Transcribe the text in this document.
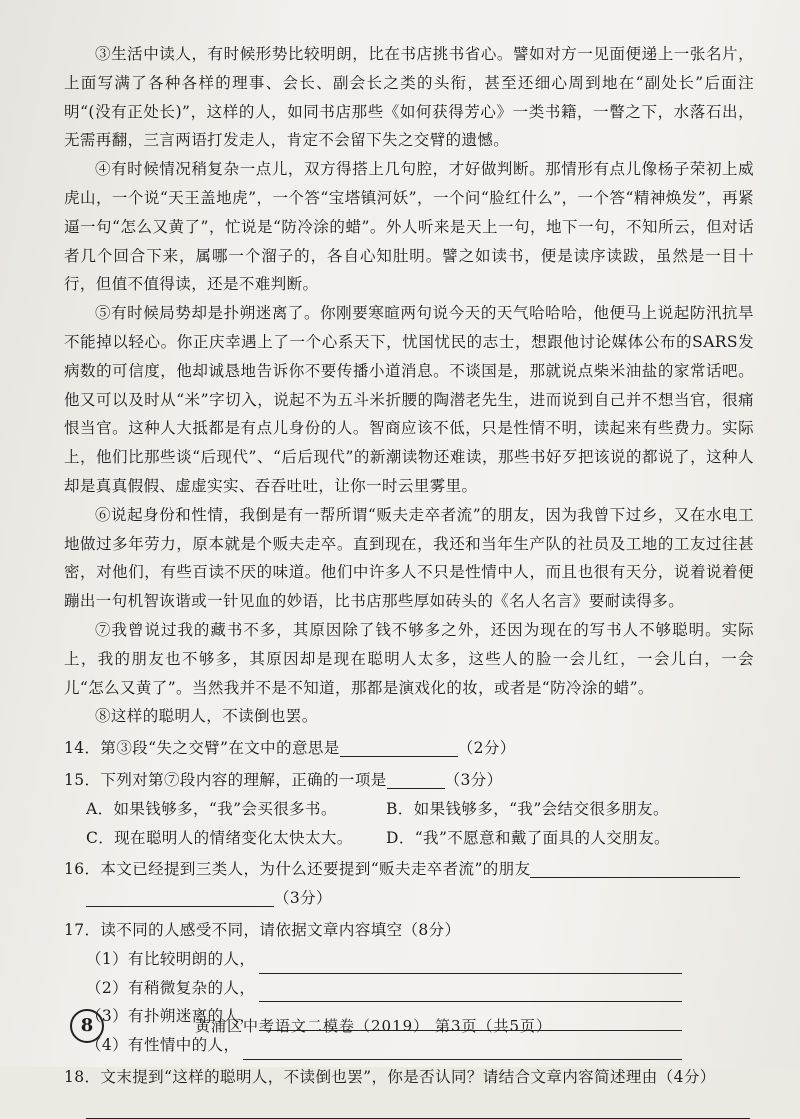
③生活中读人，有时候形势比较明朗，比在书店挑书省心。譬如对方一见面便递上一张名片，上面写满了各种各样的理事、会长、副会长之类的头衔，甚至还细心周到地在“副处长”后面注明“(没有正处长)”，这样的人，如同书店那些《如何获得芳心》一类书籍，一瞥之下，水落石出，无需再翻，三言两语打发走人，肯定不会留下失之交臂的遗憾。

④有时候情况稍复杂一点儿，双方得搭上几句腔，才好做判断。那情形有点儿像杨子荣初上威虎山，一个说“天王盖地虎”，一个答“宝塔镇河妖”，一个问“脸红什么”，一个答“精神焕发”，再紧逼一句“怎么又黄了”，忙说是“防冷涂的蜡”。外人听来是天上一句，地下一句，不知所云，但对话者几个回合下来，属哪一个溜子的，各自心知肚明。譬之如读书，便是读序读跋，虽然是一目十行，但值不值得读，还是不难判断。

⑤有时候局势却是扑朔迷离了。你刚要寒暄两句说今天的天气哈哈哈，他便马上说起防汛抗旱不能掉以轻心。你正庆幸遇上了一个心系天下，忧国忧民的志士，想跟他讨论媒体公布的SARS发病数的可信度，他却诚恳地告诉你不要传播小道消息。不谈国是，那就说点柴米油盐的家常话吧。他又可以及时从“米”字切入，说起不为五斗米折腰的陶潜老先生，进而说到自己并不想当官，很痛恨当官。这种人大抵都是有点儿身份的人。智商应该不低，只是性情不明，读起来有些费力。实际上，他们比那些谈“后现代”、“后后现代”的新潮读物还难读，那些书好歹把该说的都说了，这种人却是真真假假、虚虚实实、吞吞吐吐，让你一时云里雾里。

⑥说起身份和性情，我倒是有一帮所谓“贩夫走卒者流”的朋友，因为我曾下过乡，又在水电工地做过多年劳力，原本就是个贩夫走卒。直到现在，我还和当年生产队的社员及工地的工友过往甚密，对他们，有些百读不厌的味道。他们中许多人不只是性情中人，而且也很有天分，说着说着便蹦出一句机智诙谐或一针见血的妙语，比书店那些厚如砖头的《名人名言》要耐读得多。

⑦我曾说过我的藏书不多，其原因除了钱不够多之外，还因为现在的写书人不够聪明。实际上，我的朋友也不够多，其原因却是现在聪明人太多，这些人的脸一会儿红，一会儿白，一会儿“怎么又黄了”。当然我并不是不知道，那都是演戏化的妆，或者是“防冷涂的蜡”。

⑧这样的聪明人，不读倒也罢。

14．第③段“失之交臂”在文中的意思是	（2分）
15．下列对第⑦段内容的理解，正确的一项是	（3分）
A．如果钱够多，“我”会买很多书。	B．如果钱够多，“我”会结交很多朋友。
C．现在聪明人的情绪变化太快太大。	D．“我”不愿意和戴了面具的人交朋友。
16．本文已经提到三类人，为什么还要提到“贩夫走卒者流”的朋友
（3分）
17．读不同的人感受不同，请依据文章内容填空（8分）
（1）有比较明朗的人，
（2）有稍微复杂的人，
（3）有扑朔迷离的人，
（4）有性情中的人，
18．文末提到“这样的聪明人，不读倒也罢”，你是否认同？请结合文章内容简述理由（4分）
8	黄浦区中考语文二模卷（2019） 第3页（共5页）
